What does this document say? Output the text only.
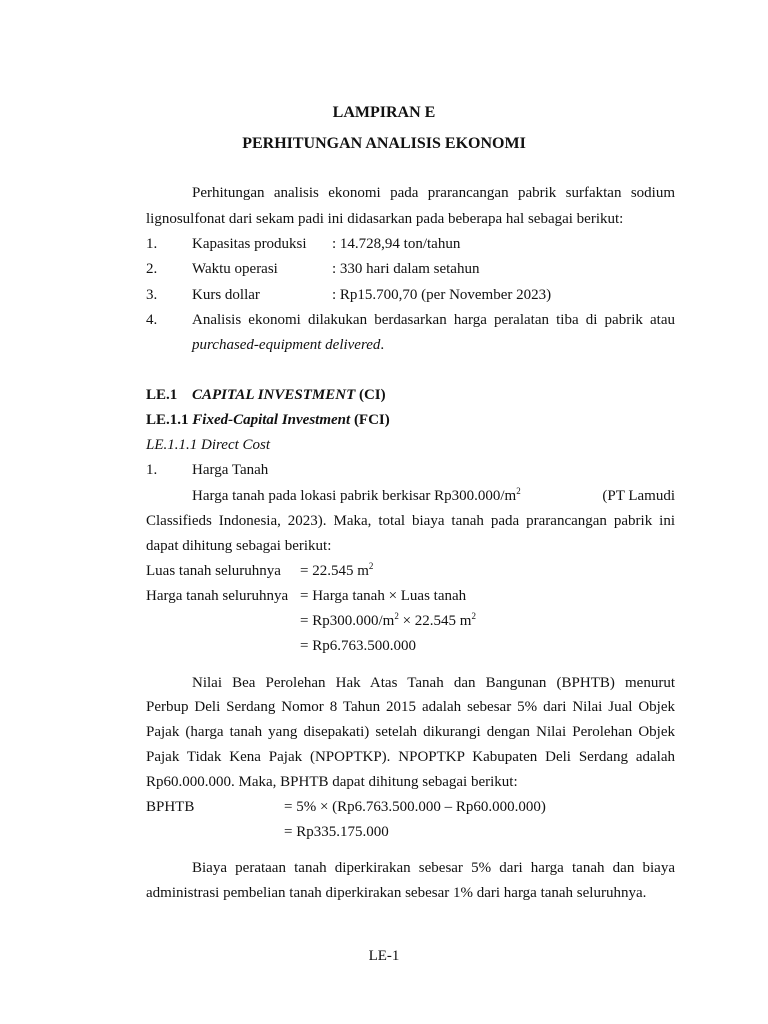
LAMPIRAN E
PERHITUNGAN ANALISIS EKONOMI
Perhitungan analisis ekonomi pada prarancangan pabrik surfaktan sodium
lignosulfonat dari sekam padi ini didasarkan pada beberapa hal sebagai berikut:
1. Kapasitas produksi : 14.728,94 ton/tahun
2. Waktu operasi	: 330 hari dalam setahun
3. Kurs dollar	: Rp15.700,70 (per November 2023)
4. Analisis ekonomi dilakukan berdasarkan harga peralatan tiba di pabrik atau
purchased-equipment delivered.
LE.1 CAPITAL INVESTMENT (CI)
LE.1.1 Fixed-Capital Investment (FCI)
LE.1.1.1 Direct Cost
1. Harga Tanah
Harga tanah pada lokasi pabrik berkisar $Rp300.000/m^2$	(PT Lamudi
Classifieds Indonesia, 2023). Maka, total biaya tanah pada prarancangan pabrik ini
dapat dihitung sebagai berikut:
Luas tanah seluruhnya = 22.545 $m^2$
Harga tanah seluruhnya = Harga tanah × Luas tanah
= $Rp300.000/m^2 \times 22.545$ $m^2$
= Rp6.763.500.000
Nilai Bea Perolehan Hak Atas Tanah dan Bangunan (BPHTB) menurut
Perbup Deli Serdang Nomor 8 Tahun 2015 adalah sebesar 5% dari Nilai Jual Objek
Pajak (harga tanah yang disepakati) setelah dikurangi dengan Nilai Perolehan Objek
Pajak Tidak Kena Pajak (NPOPTKP). NPOPTKP Kabupaten Deli Serdang adalah
Rp60.000.000. Maka, BPHTB dapat dihitung sebagai berikut:
BPHTB	= 5% × (Rp6.763.500.000 – Rp60.000.000)
= Rp335.175.000
Biaya perataan tanah diperkirakan sebesar 5% dari harga tanah dan biaya
administrasi pembelian tanah diperkirakan sebesar 1% dari harga tanah seluruhnya.
LE-1
